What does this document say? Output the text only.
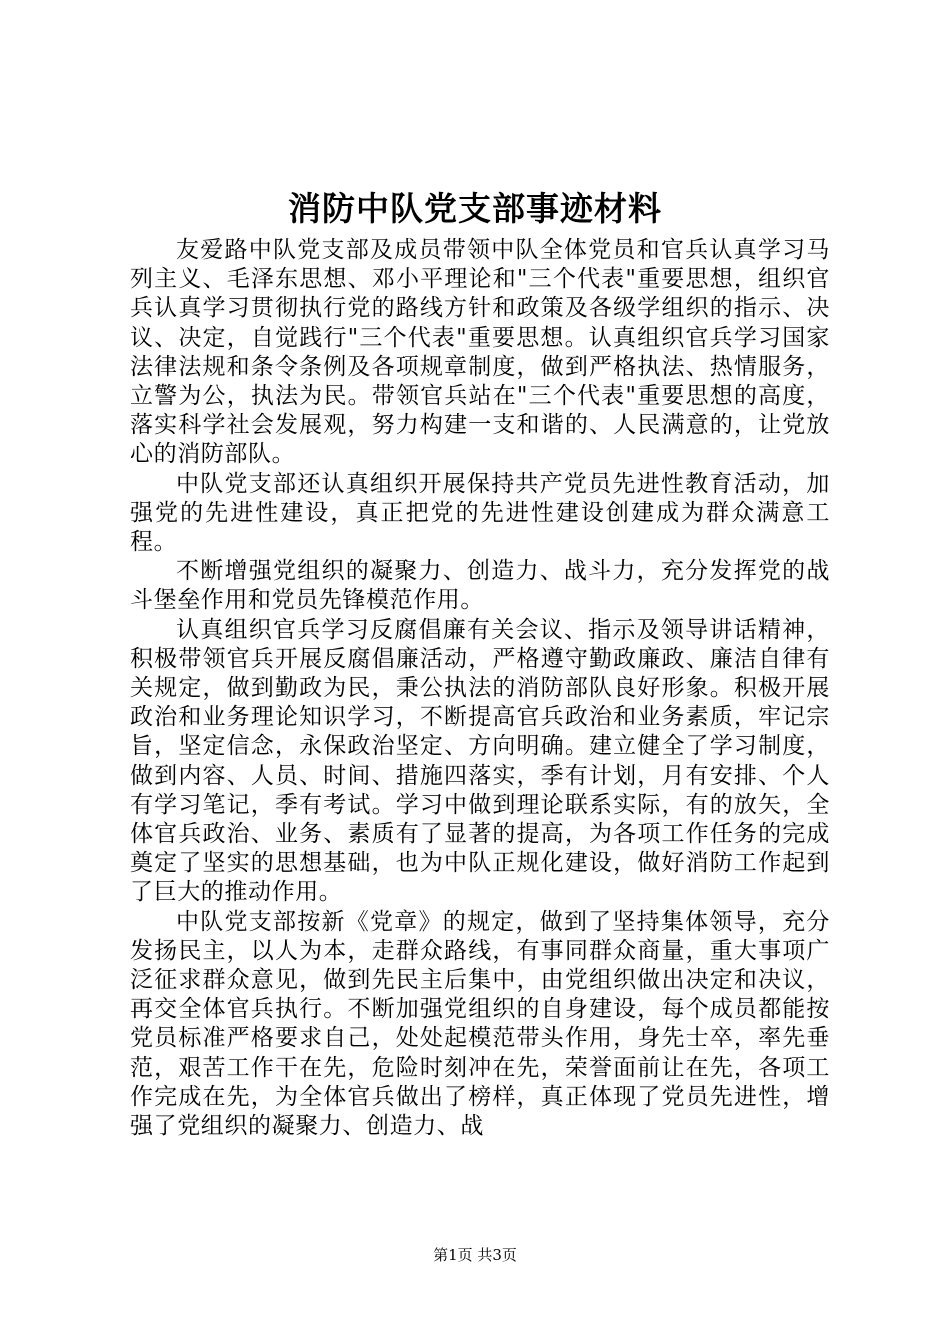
消防中队党支部事迹材料

友爱路中队党支部及成员带领中队全体党员和官兵认真学习马列主义、毛泽东思想、邓小平理论和"三个代表"重要思想，组织官兵认真学习贯彻执行党的路线方针和政策及各级学组织的指示、决议、决定，自觉践行"三个代表"重要思想。认真组织官兵学习国家法律法规和条令条例及各项规章制度，做到严格执法、热情服务，立警为公，执法为民。带领官兵站在"三个代表"重要思想的高度，落实科学社会发展观，努力构建一支和谐的、人民满意的，让党放心的消防部队。

中队党支部还认真组织开展保持共产党员先进性教育活动，加强党的先进性建设，真正把党的先进性建设创建成为群众满意工程。

不断增强党组织的凝聚力、创造力、战斗力，充分发挥党的战斗堡垒作用和党员先锋模范作用。

认真组织官兵学习反腐倡廉有关会议、指示及领导讲话精神，积极带领官兵开展反腐倡廉活动，严格遵守勤政廉政、廉洁自律有关规定，做到勤政为民，秉公执法的消防部队良好形象。积极开展政治和业务理论知识学习，不断提高官兵政治和业务素质，牢记宗旨，坚定信念，永保政治坚定、方向明确。建立健全了学习制度，做到内容、人员、时间、措施四落实，季有计划，月有安排、个人有学习笔记，季有考试。学习中做到理论联系实际，有的放矢，全体官兵政治、业务、素质有了显著的提高，为各项工作任务的完成奠定了坚实的思想基础，也为中队正规化建设，做好消防工作起到了巨大的推动作用。

中队党支部按新《党章》的规定，做到了坚持集体领导，充分发扬民主，以人为本，走群众路线，有事同群众商量，重大事项广泛征求群众意见，做到先民主后集中，由党组织做出决定和决议，再交全体官兵执行。不断加强党组织的自身建设，每个成员都能按党员标准严格要求自己，处处起模范带头作用，身先士卒，率先垂范，艰苦工作干在先，危险时刻冲在先，荣誉面前让在先，各项工作完成在先，为全体官兵做出了榜样，真正体现了党员先进性，增强了党组织的凝聚力、创造力、战

第1页 共3页
